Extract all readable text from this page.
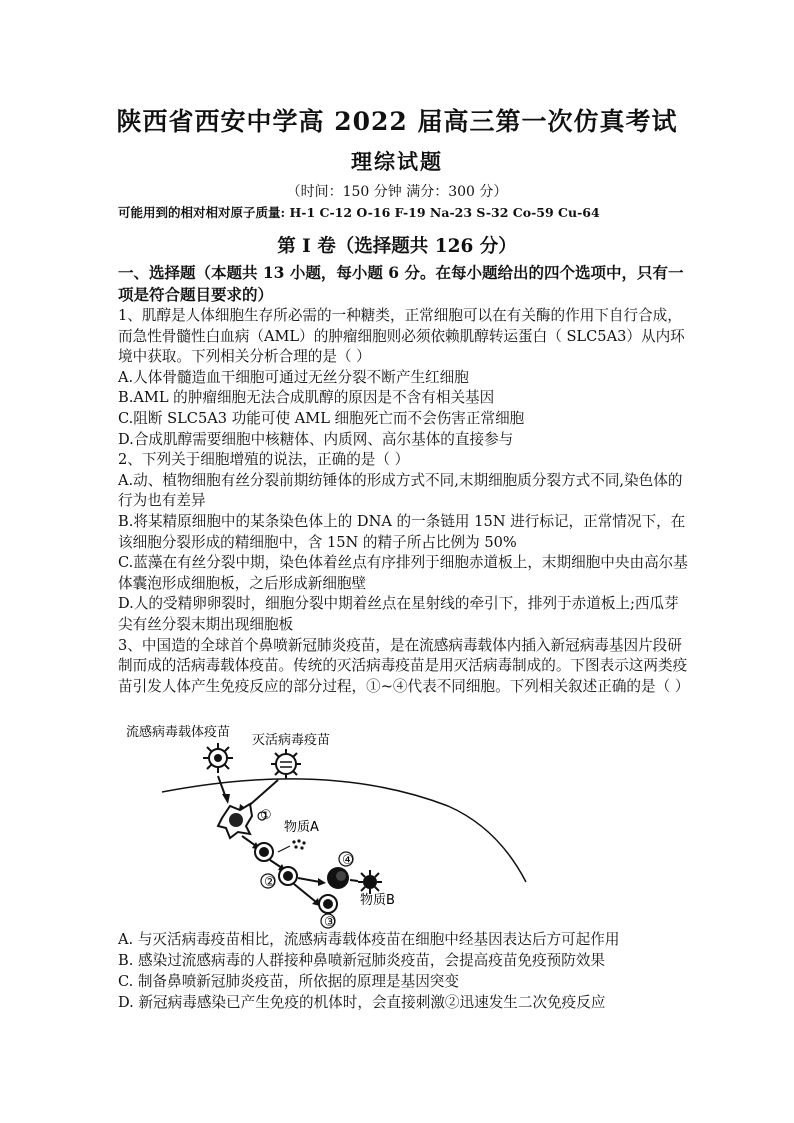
陕西省西安中学高 2022 届高三第一次仿真考试
理综试题
（时间：150 分钟 满分：300 分）
可能用到的相对相对原子质量: H-1 C-12 O-16 F-19 Na-23 S-32 Co-59 Cu-64
第 I 卷（选择题共 126 分）

一、选择题（本题共 13 小题，每小题 6 分。在每小题给出的四个选项中，只有一项是符合题目要求的）

1、肌醇是人体细胞生存所必需的一种糖类，正常细胞可以在有关酶的作用下自行合成，而急性骨髓性白血病（AML）的肿瘤细胞则必须依赖肌醇转运蛋白（ SLC5A3）从内环境中获取。下列相关分析合理的是（ ）

A.人体骨髓造血干细胞可通过无丝分裂不断产生红细胞

B.AML 的肿瘤细胞无法合成肌醇的原因是不含有相关基因

C.阻断 SLC5A3 功能可使 AML 细胞死亡而不会伤害正常细胞

D.合成肌醇需要细胞中核糖体、内质网、高尔基体的直接参与

2、下列关于细胞增殖的说法，正确的是（ ）

A.动、植物细胞有丝分裂前期纺锤体的形成方式不同,末期细胞质分裂方式不同,染色体的行为也有差异

B.将某精原细胞中的某条染色体上的 DNA 的一条链用 15N 进行标记，正常情况下，在该细胞分裂形成的精细胞中，含 15N 的精子所占比例为 50%

C.蓝藻在有丝分裂中期，染色体着丝点有序排列于细胞赤道板上，末期细胞中央由高尔基体囊泡形成细胞板，之后形成新细胞壁

D.人的受精卵卵裂时，细胞分裂中期着丝点在星射线的牵引下，排列于赤道板上;西瓜芽尖有丝分裂末期出现细胞板

3、中国造的全球首个鼻喷新冠肺炎疫苗，是在流感病毒载体内插入新冠病毒基因片段研制而成的活病毒载体疫苗。传统的灭活病毒疫苗是用灭活病毒制成的。下图表示这两类疫苗引发人体产生免疫反应的部分过程，①~④代表不同细胞。下列相关叙述正确的是（ ）

流感病毒载体疫苗
灭活病毒疫苗
①
物质A
②
④
物质B
③

A. 与灭活病毒疫苗相比，流感病毒载体疫苗在细胞中经基因表达后方可起作用

B. 感染过流感病毒的人群接种鼻喷新冠肺炎疫苗，会提高疫苗免疫预防效果

C. 制备鼻喷新冠肺炎疫苗，所依据的原理是基因突变

D. 新冠病毒感染已产生免疫的机体时，会直接刺激②迅速发生二次免疫反应
